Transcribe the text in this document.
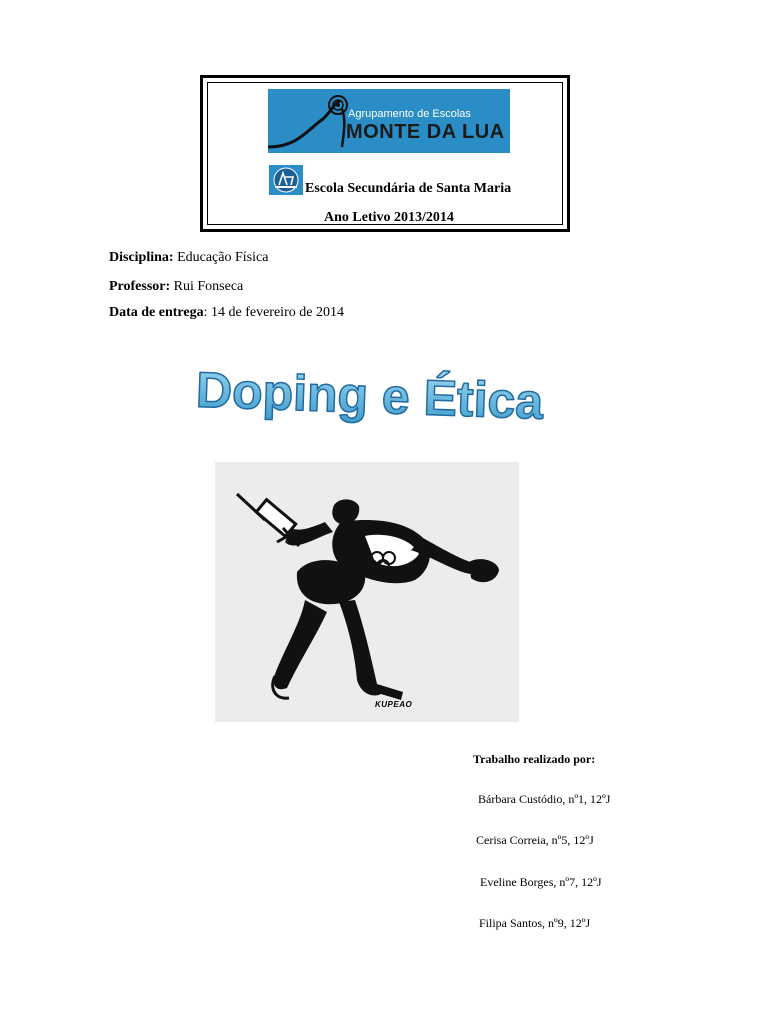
Agrupamento de Escolas
MONTE DA LUA
Escola Secundária de Santa Maria
Ano Letivo 2013/2014
Disciplina: Educação Física
Professor: Rui Fonseca
Data de entrega: 14 de fevereiro de 2014
Doping e Ética
KUPEAO
Trabalho realizado por:
Bárbara Custódio, nº1, 12ºJ
Cerisa Correia, nº5, 12ºJ
Eveline Borges, nº7, 12ºJ
Filipa Santos, nº9, 12ºJ
